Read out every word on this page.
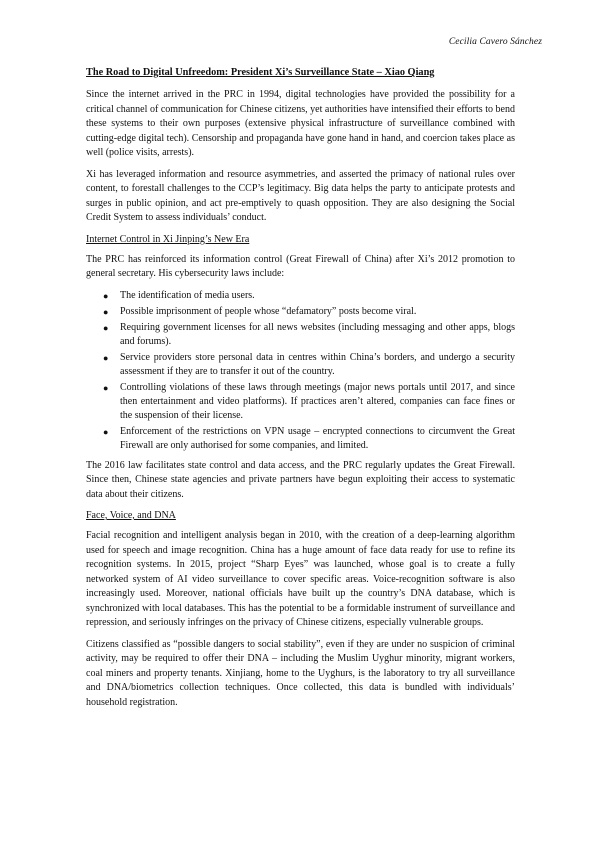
Cecilia Cavero Sánchez
The Road to Digital Unfreedom: President Xi’s Surveillance State – Xiao Qiang

Since the internet arrived in the PRC in 1994, digital technologies have provided the possibility for a critical channel of communication for Chinese citizens, yet authorities have intensified their efforts to bend these systems to their own purposes (extensive physical infrastructure of surveillance combined with cutting-edge digital tech). Censorship and propaganda have gone hand in hand, and coercion takes place as well (police visits, arrests).

Xi has leveraged information and resource asymmetries, and asserted the primacy of national rules over content, to forestall challenges to the CCP’s legitimacy. Big data helps the party to anticipate protests and surges in public opinion, and act pre-emptively to quash opposition. They are also designing the Social Credit System to assess individuals’ conduct.

Internet Control in Xi Jinping’s New Era

The PRC has reinforced its information control (Great Firewall of China) after Xi’s 2012 promotion to general secretary. His cybersecurity laws include:

● The identification of media users.
● Possible imprisonment of people whose “defamatory” posts become viral.
● Requiring government licenses for all news websites (including messaging and other apps, blogs and forums).
● Service providers store personal data in centres within China’s borders, and undergo a security assessment if they are to transfer it out of the country.
● Controlling violations of these laws through meetings (major news portals until 2017, and since then entertainment and video platforms). If practices aren’t altered, companies can face fines or the suspension of their license.
● Enforcement of the restrictions on VPN usage – encrypted connections to circumvent the Great Firewall are only authorised for some companies, and limited.

The 2016 law facilitates state control and data access, and the PRC regularly updates the Great Firewall. Since then, Chinese state agencies and private partners have begun exploiting their access to systematic data about their citizens.

Face, Voice, and DNA

Facial recognition and intelligent analysis began in 2010, with the creation of a deep-learning algorithm used for speech and image recognition. China has a huge amount of face data ready for use to refine its recognition systems. In 2015, project “Sharp Eyes” was launched, whose goal is to create a fully networked system of AI video surveillance to cover specific areas. Voice-recognition software is also increasingly used. Moreover, national officials have built up the country’s DNA database, which is synchronized with local databases. This has the potential to be a formidable instrument of surveillance and repression, and seriously infringes on the privacy of Chinese citizens, especially vulnerable groups.

Citizens classified as “possible dangers to social stability”, even if they are under no suspicion of criminal activity, may be required to offer their DNA – including the Muslim Uyghur minority, migrant workers, coal miners and property tenants. Xinjiang, home to the Uyghurs, is the laboratory to try all surveillance and DNA/biometrics collection techniques. Once collected, this data is bundled with individuals’ household registration.
